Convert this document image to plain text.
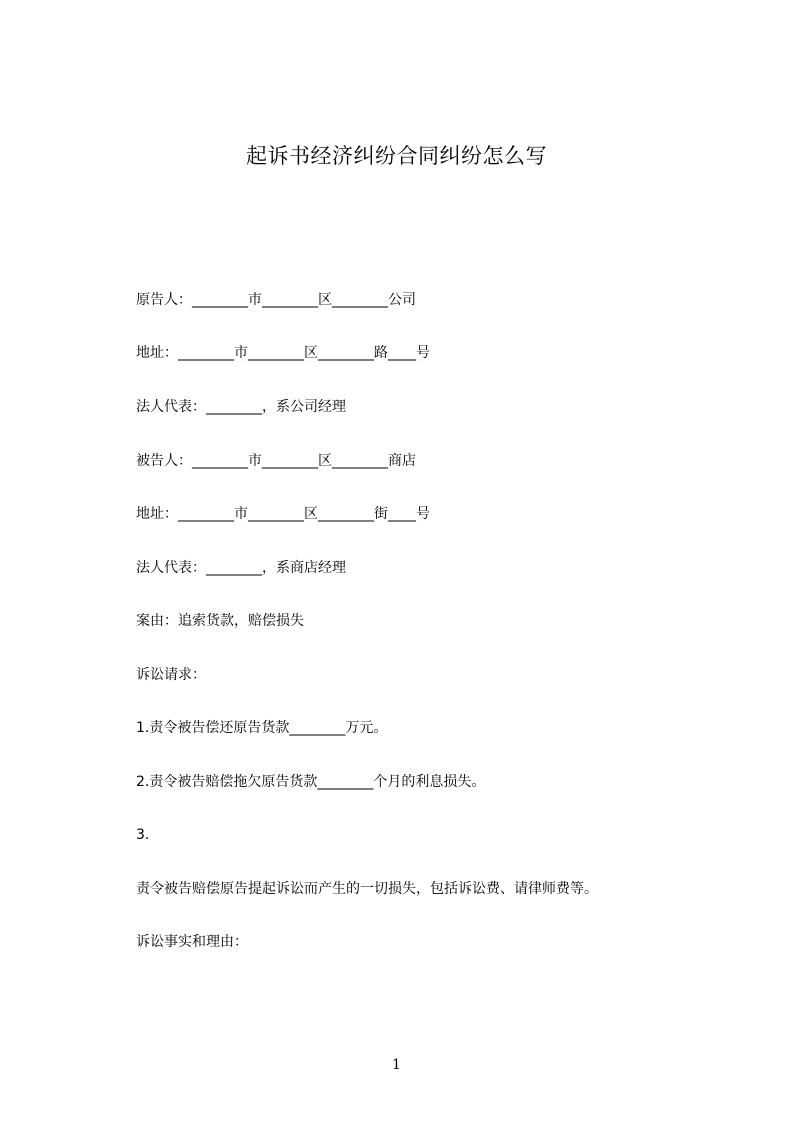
起诉书经济纠纷合同纠纷怎么写
原告人：________市________区________公司
地址：________市________区________路____号
法人代表：________，系公司经理
被告人：________市________区________商店
地址：________市________区________街____号
法人代表：________，系商店经理
案由：追索货款，赔偿损失
诉讼请求：
1.责令被告偿还原告货款________万元。
2.责令被告赔偿拖欠原告货款________个月的利息损失。
3.
责令被告赔偿原告提起诉讼而产生的一切损失，包括诉讼费、请律师费等。
诉讼事实和理由：
1
